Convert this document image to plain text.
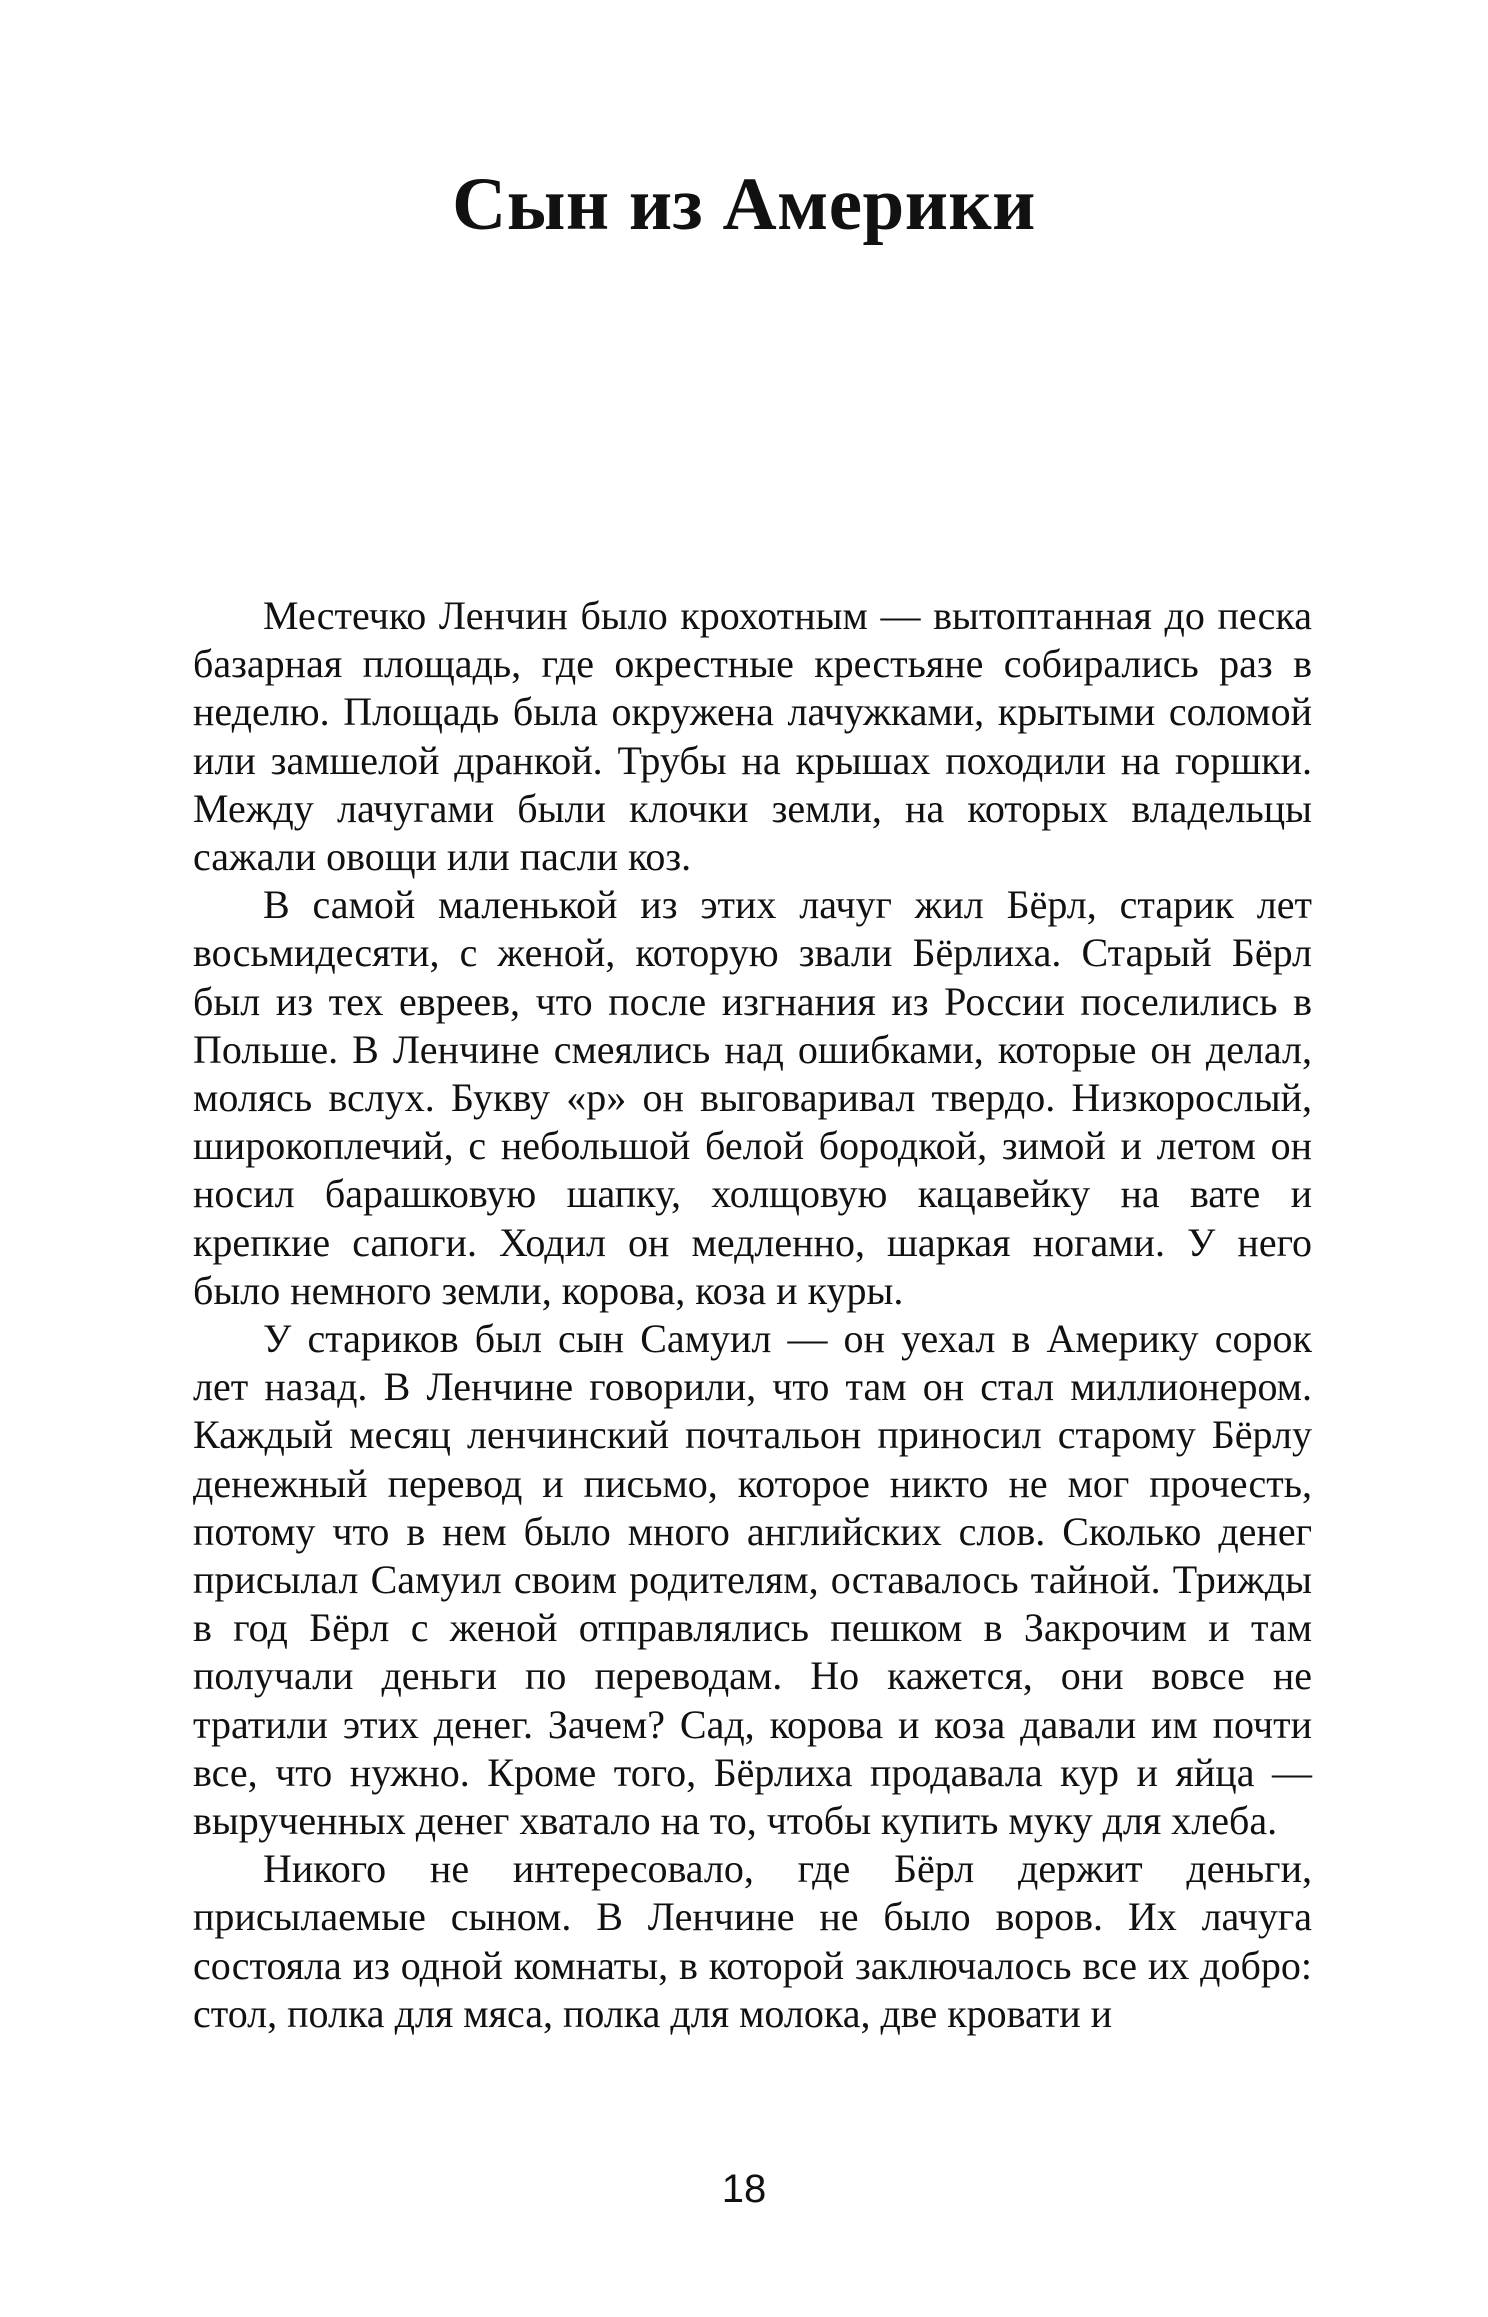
Сын из Америки

Местечко Ленчин было крохотным — вытоптанная до песка базарная площадь, где окрестные крестьяне собирались раз в неделю. Площадь была окружена лачужками, крытыми соломой или замшелой дранкой. Трубы на крышах походили на горшки. Между лачугами были клочки земли, на которых владельцы сажали овощи или пасли коз.

В самой маленькой из этих лачуг жил Бёрл, старик лет восьмидесяти, с женой, которую звали Бёрлиха. Старый Бёрл был из тех евреев, что после изгнания из России поселились в Польше. В Ленчине смеялись над ошибками, которые он делал, молясь вслух. Букву «р» он выговаривал твердо. Низкорослый, широкоплечий, с небольшой белой бородкой, зимой и летом он носил барашковую шапку, холщовую кацавейку на вате и крепкие сапоги. Ходил он медленно, шаркая ногами. У него было немного земли, корова, коза и куры.

У стариков был сын Самуил — он уехал в Америку сорок лет назад. В Ленчине говорили, что там он стал миллионером. Каждый месяц ленчинский почтальон приносил старому Бёрлу денежный перевод и письмо, которое никто не мог прочесть, потому что в нем было много английских слов. Сколько денег присылал Самуил своим родителям, оставалось тайной. Трижды в год Бёрл с женой отправлялись пешком в Закрочим и там получали деньги по переводам. Но кажется, они вовсе не тратили этих денег. Зачем? Сад, корова и коза давали им почти все, что нужно. Кроме того, Бёрлиха продавала кур и яйца — вырученных денег хватало на то, чтобы купить муку для хлеба.

Никого не интересовало, где Бёрл держит деньги, присылаемые сыном. В Ленчине не было воров. Их лачуга состояла из одной комнаты, в которой заключалось все их добро: стол, полка для мяса, полка для молока, две кровати и

18
